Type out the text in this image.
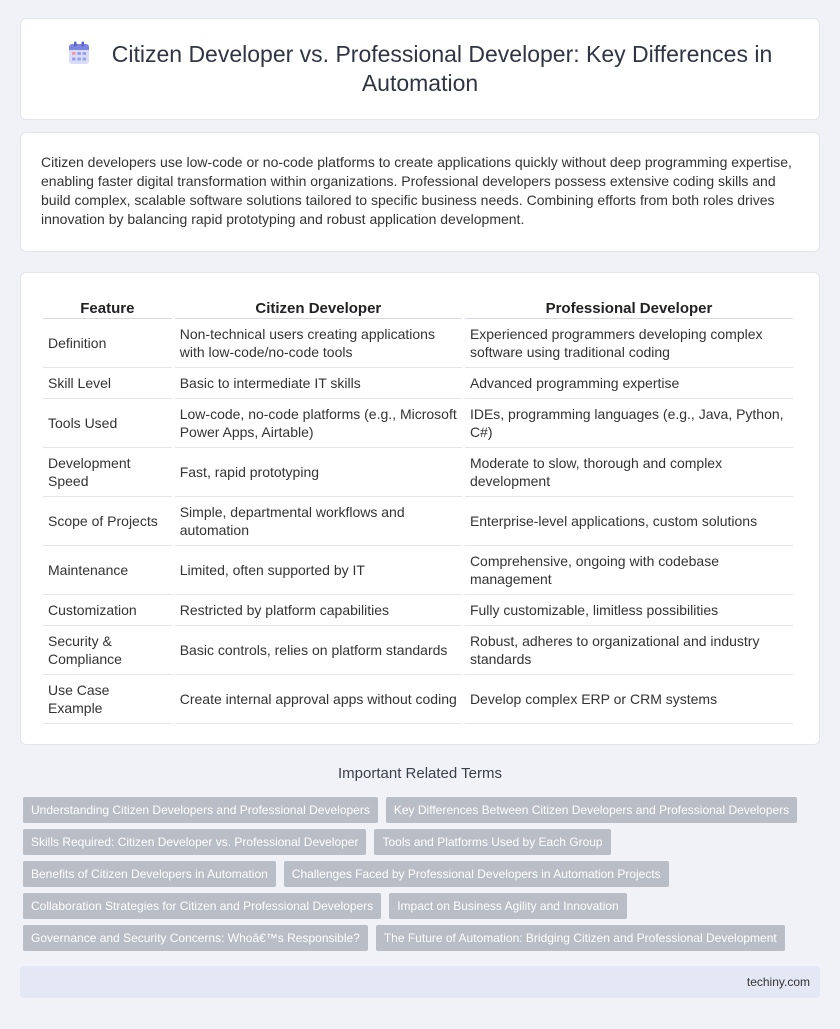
Citizen Developer vs. Professional Developer: Key Differences in Automation

Citizen developers use low-code or no-code platforms to create applications quickly without deep programming expertise, enabling faster digital transformation within organizations. Professional developers possess extensive coding skills and build complex, scalable software solutions tailored to specific business needs. Combining efforts from both roles drives innovation by balancing rapid prototyping and robust application development.

Feature	Citizen Developer	Professional Developer
Definition	Non-technical users creating applications with low-code/no-code tools	Experienced programmers developing complex software using traditional coding
Skill Level	Basic to intermediate IT skills	Advanced programming expertise
Tools Used	Low-code, no-code platforms (e.g., Microsoft Power Apps, Airtable)	IDEs, programming languages (e.g., Java, Python, C#)
Development Speed	Fast, rapid prototyping	Moderate to slow, thorough and complex development
Scope of Projects	Simple, departmental workflows and automation	Enterprise-level applications, custom solutions
Maintenance	Limited, often supported by IT	Comprehensive, ongoing with codebase management
Customization	Restricted by platform capabilities	Fully customizable, limitless possibilities
Security & Compliance	Basic controls, relies on platform standards	Robust, adheres to organizational and industry standards
Use Case Example	Create internal approval apps without coding	Develop complex ERP or CRM systems
Important Related Terms
Understanding Citizen Developers and Professional Developers	Key Differences Between Citizen Developers and Professional Developers
Skills Required: Citizen Developer vs. Professional Developer	Tools and Platforms Used by Each Group
Benefits of Citizen Developers in Automation	Challenges Faced by Professional Developers in Automation Projects
Collaboration Strategies for Citizen and Professional Developers	Impact on Business Agility and Innovation
Governance and Security Concerns: Whoâ€™s Responsible?	The Future of Automation: Bridging Citizen and Professional Development
techiny.com
